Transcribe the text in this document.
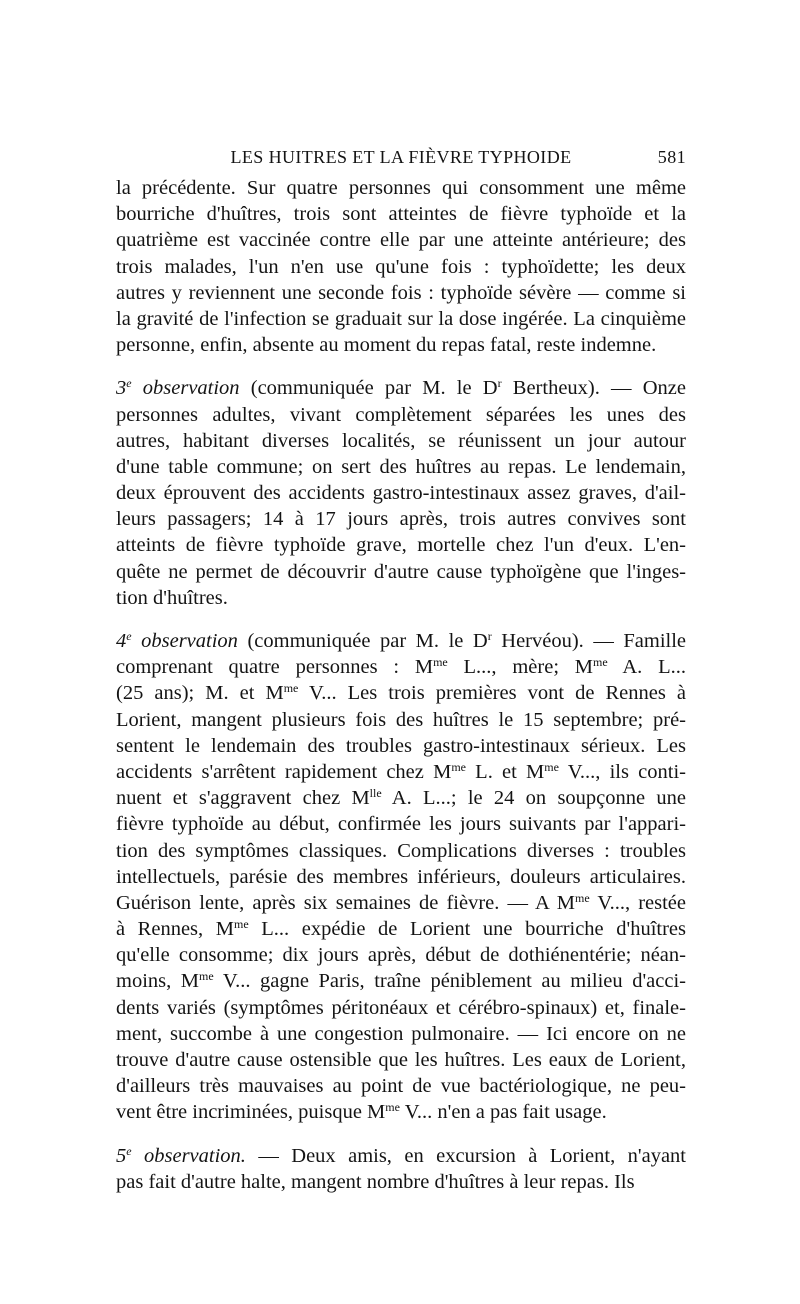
LES HUITRES ET LA FIÈVRE TYPHOIDE	581
la précédente. Sur quatre personnes qui consomment une même
bourriche d'huîtres, trois sont atteintes de fièvre typhoïde et la
quatrième est vaccinée contre elle par une atteinte antérieure; des
trois malades, l'un n'en use qu'une fois : typhoïdette; les deux
autres y reviennent une seconde fois : typhoïde sévère — comme si
la gravité de l'infection se graduait sur la dose ingérée. La cinquième
personne, enfin, absente au moment du repas fatal, reste indemne.
3e observation (communiquée par M. le $D^r$ Bertheux). — Onze
personnes adultes, vivant complètement séparées les unes des
autres, habitant diverses localités, se réunissent un jour autour
d'une table commune; on sert des huîtres au repas. Le lendemain,
deux éprouvent des accidents gastro-intestinaux assez graves, d'ail-
leurs passagers; 14 à 17 jours après, trois autres convives sont
atteints de fièvre typhoïde grave, mortelle chez l'un d'eux. L'en-
quête ne permet de découvrir d'autre cause typhoïgène que l'inges-
tion d'huîtres.
4e observation (communiquée par M. le $D^r$ Hervéou). — Famille
comprenant quatre personnes : $M^{me}$ L..., mère; $M^{me}$ A. L...
(25 ans); M. et $M^{me}$ V... Les trois premières vont de Rennes à
Lorient, mangent plusieurs fois des huîtres le 15 septembre; pré-
sentent le lendemain des troubles gastro-intestinaux sérieux. Les
accidents s'arrêtent rapidement chez $M^{me}$ L. et $M^{me}$ V..., ils conti-
nuent et s'aggravent chez $M^{lle}$ A. L...; le 24 on soupçonne une
fièvre typhoïde au début, confirmée les jours suivants par l'appari-
tion des symptômes classiques. Complications diverses : troubles
intellectuels, parésie des membres inférieurs, douleurs articulaires.
Guérison lente, après six semaines de fièvre. — A $M^{me}$ V..., restée
à Rennes, $M^{me}$ L... expédie de Lorient une bourriche d'huîtres
qu'elle consomme; dix jours après, début de dothiénentérie; néan-
moins, $M^{me}$ V... gagne Paris, traîne péniblement au milieu d'acci-
dents variés (symptômes péritonéaux et cérébro-spinaux) et, finale-
ment, succombe à une congestion pulmonaire. — Ici encore on ne
trouve d'autre cause ostensible que les huîtres. Les eaux de Lorient,
d'ailleurs très mauvaises au point de vue bactériologique, ne peu-
vent être incriminées, puisque $M^{me}$ V... n'en a pas fait usage.
5e observation. — Deux amis, en excursion à Lorient, n'ayant
pas fait d'autre halte, mangent nombre d'huîtres à leur repas. Ils
